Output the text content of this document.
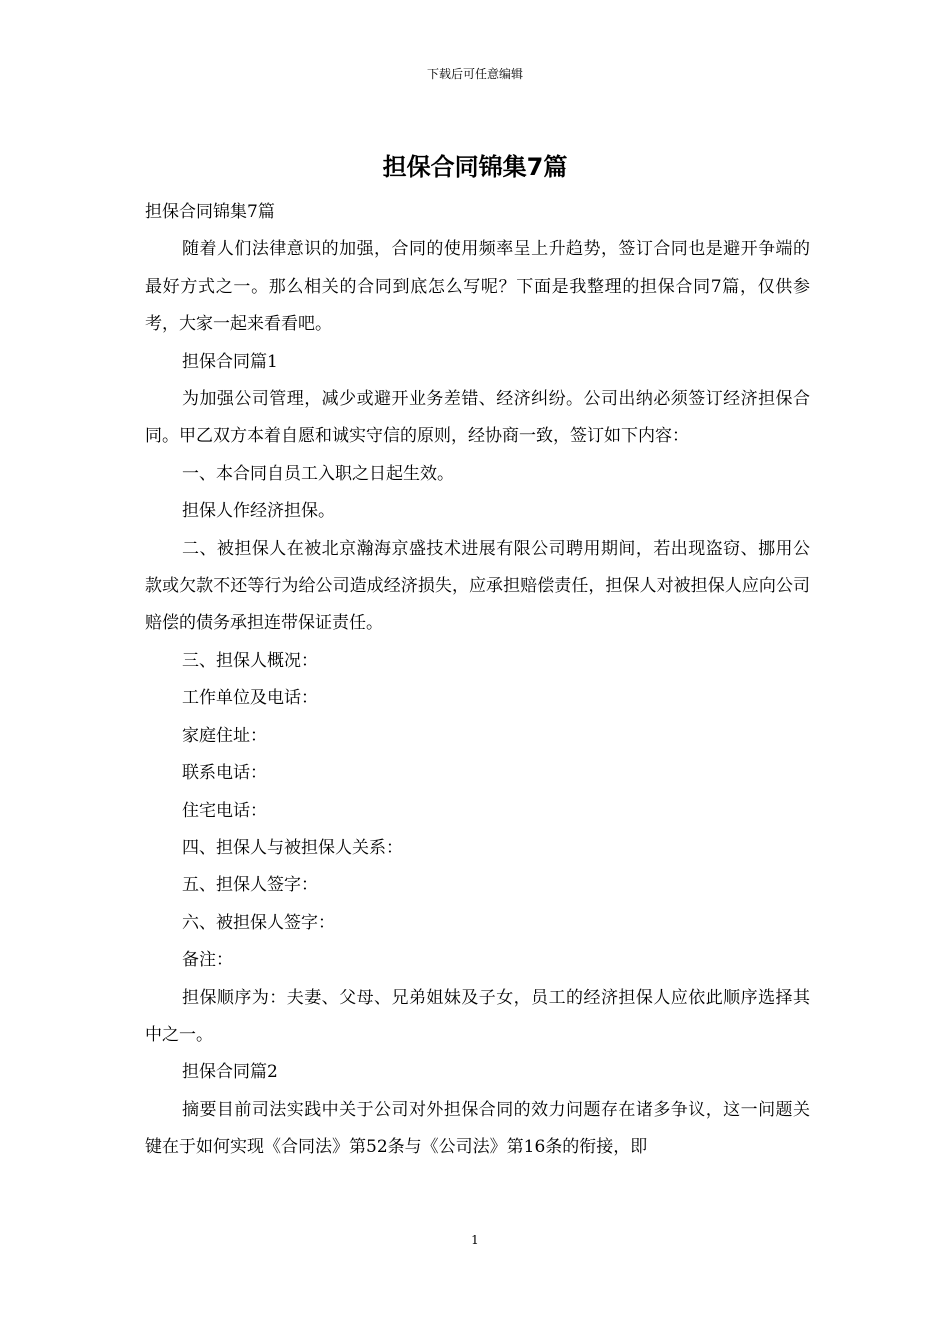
下载后可任意编辑
担保合同锦集7篇

担保合同锦集7篇

随着人们法律意识的加强，合同的使用频率呈上升趋势，签订合同也是避开争端的最好方式之一。那么相关的合同到底怎么写呢？下面是我整理的担保合同7篇，仅供参考，大家一起来看看吧。

担保合同篇1

为加强公司管理，减少或避开业务差错、经济纠纷。公司出纳必须签订经济担保合同。甲乙双方本着自愿和诚实守信的原则，经协商一致，签订如下内容：

一、本合同自员工入职之日起生效。

担保人作经济担保。

二、被担保人在被北京瀚海京盛技术进展有限公司聘用期间，若出现盗窃、挪用公款或欠款不还等行为给公司造成经济损失，应承担赔偿责任，担保人对被担保人应向公司赔偿的债务承担连带保证责任。

三、担保人概况：

工作单位及电话：

家庭住址：

联系电话：

住宅电话：

四、担保人与被担保人关系：

五、担保人签字：

六、被担保人签字：

备注：

担保顺序为：夫妻、父母、兄弟姐妹及子女，员工的经济担保人应依此顺序选择其中之一。

担保合同篇2

摘要目前司法实践中关于公司对外担保合同的效力问题存在诸多争议，这一问题关键在于如何实现《合同法》第52条与《公司法》第16条的衔接，即

1
